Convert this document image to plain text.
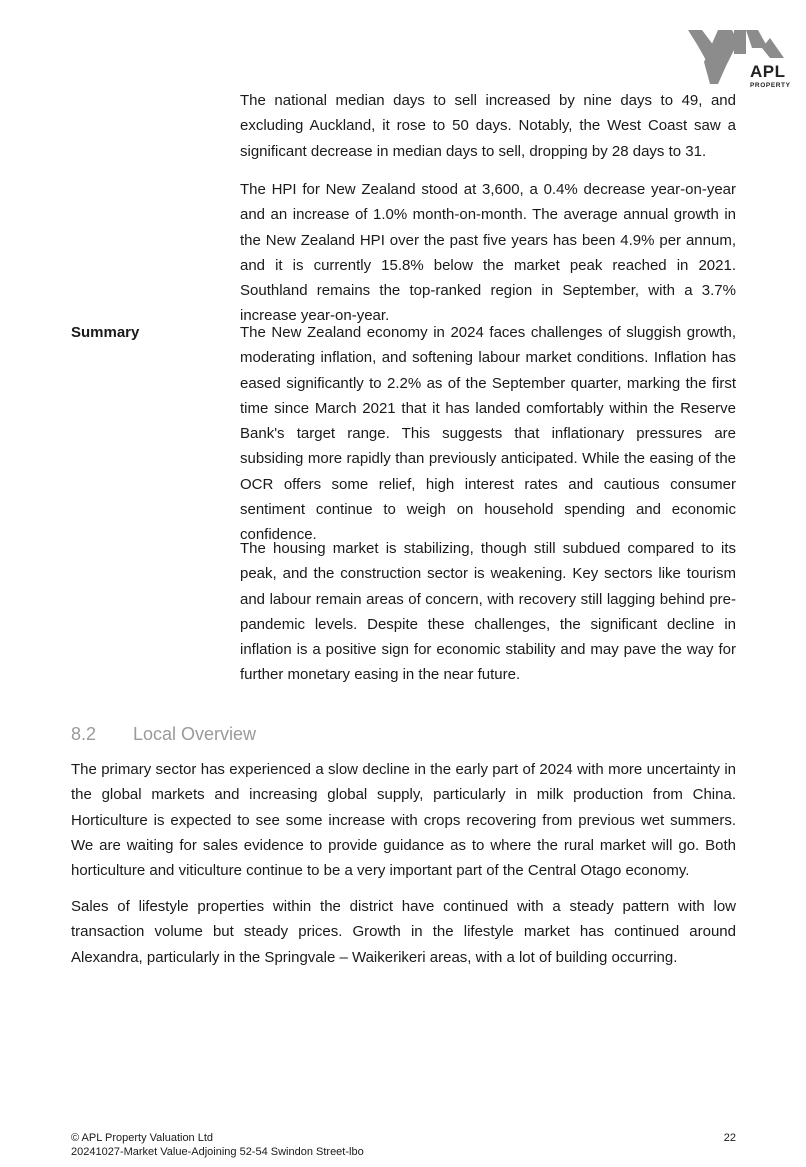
APL
PROPERTY

The national median days to sell increased by nine days to 49, and excluding Auckland, it rose to 50 days. Notably, the West Coast saw a significant decrease in median days to sell, dropping by 28 days to 31.

The HPI for New Zealand stood at 3,600, a 0.4% decrease year-on-year and an increase of 1.0% month-on-month. The average annual growth in the New Zealand HPI over the past five years has been 4.9% per annum, and it is currently 15.8% below the market peak reached in 2021. Southland remains the top-ranked region in September, with a 3.7% increase year-on-year.

Summary	The New Zealand economy in 2024 faces challenges of sluggish growth, moderating inflation, and softening labour market conditions. Inflation has eased significantly to 2.2% as of the September quarter, marking the first time since March 2021 that it has landed comfortably within the Reserve Bank's target range. This suggests that inflationary pressures are subsiding more rapidly than previously anticipated. While the easing of the OCR offers some relief, high interest rates and cautious consumer sentiment continue to weigh on household spending and economic confidence.

The housing market is stabilizing, though still subdued compared to its peak, and the construction sector is weakening. Key sectors like tourism and labour remain areas of concern, with recovery still lagging behind pre-pandemic levels. Despite these challenges, the significant decline in inflation is a positive sign for economic stability and may pave the way for further monetary easing in the near future.

8.2 Local Overview

The primary sector has experienced a slow decline in the early part of 2024 with more uncertainty in the global markets and increasing global supply, particularly in milk production from China. Horticulture is expected to see some increase with crops recovering from previous wet summers. We are waiting for sales evidence to provide guidance as to where the rural market will go. Both horticulture and viticulture continue to be a very important part of the Central Otago economy.

Sales of lifestyle properties within the district have continued with a steady pattern with low transaction volume but steady prices. Growth in the lifestyle market has continued around Alexandra, particularly in the Springvale – Waikerikeri areas, with a lot of building occurring.

© APL Property Valuation Ltd
20241027-Market Value-Adjoining 52-54 Swindon Street-lbo
22
